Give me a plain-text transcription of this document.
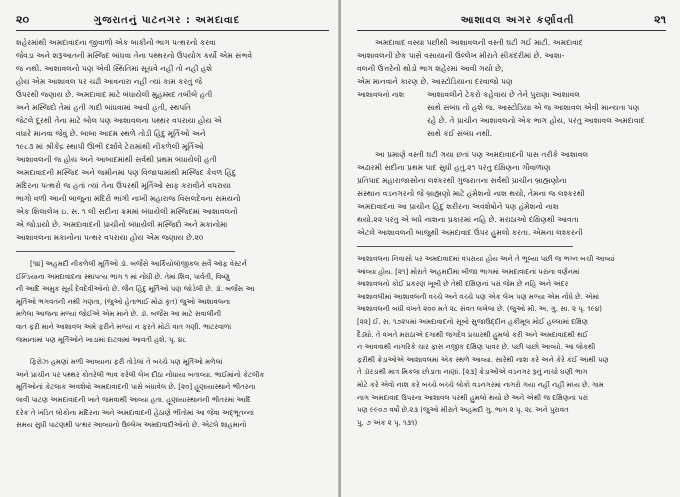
૨૦	ગુજરાતનું પાટનગર : અમદાવાદ
શહેરમાંથી અમદાવાદના જીવાળો એક બાકીનો ભાગ પત્થરનો કરવા
જેવડા અને શરૂઆતની મસ્જિદ બાંધવા તેના પથ્થરનો ઉપયોગ કર્યો એમ સંભવે
જ નથી. આશાવલનો પણ એવી સ્થિતિમાં સૂચવે નહીં તો નહીં હશે
હોય એમ આશાવલ પર ચઢી આવનારા નહીં ત્યાં કામ કરતું જે
ઉપરથી જણાય છે. અમદાવાદ માટે બંધાયેલી મુહમ્મદ તબીબે હતી
અને મસ્જિદો તેમાં હતી ગાદી બાંધવામાં આવી હતી, સ્થપતિ
જેટલે દૂરથી તેના માટે બોલ પણ આશાવલના પથ્થર વપરાયા હોય એ
વધારે માનવા જેવું છે. બાબા આદમ સ્થળે તોડી હિંદુ મૂર્તિઓ અને
૧૯૮૩ માં શ્રીકેંદ્ર સ્થાપી ઊભી દર્શાવે ટેરામાંથી નીકળેલી મૂર્તિઓ
આશાવલની જ હોય અને આબાદમાંથી સર્વથી પ્રથમ બંધાયેલી હતી
અમદાવાદની મસ્જિદ અને જમીનમાં પણ વિજાપામાંથી મસ્જિદ કેવળ હિંદુ
મંદિરના પત્થરો જ હતાં ત્યાં તેના ઉપરથી મૂર્તિઓ સાફ કરાવીને વપરાયા
ભાગો વળી આની બાજુના મંદિરો ભાંગી નાખી મહારાજ વિસલદેવના સમયનો
એક શિલાલેખ ઇ. સ. ૧ લી સદીના ક્રમમાં બંધાયેલી મસ્જિદમાં આશાવલનો
એ જોડાયો છે. અમદાવાદની પ્રાચીનો બંધાયેલી મસ્જિદો અને મકાનોમાં
આશાવલના મકાનોના પત્થર વપરાયા હોય એમ જણાય છે.૨૦
[૧૪] અહમદી નીકળેલી મૂર્તિઓ ડૉ. બર્જેસે આર્કિયોલૉજીકલ સર્વે ઑફ વેસ્ટર્ન
ઈન્ડિયાના અમદાવાદના સ્થાપત્ય ભાગ ૧ માં નોંધી છે. તેમાં શિવ, પાર્વતી, વિષ્ણુ
ની આદિ અમુક સૂર્ય દેવદેવીઓનો છે. જૈન હિંદુ મૂર્તિઓ પણ જોડેલી છે. ડૉ. બર્જેસ આ
મૂર્તિઓ ભગવતની નથી ગણતા, (જુઓ હેતાભાઈ મોઢા કૃત) જુઓ આશાવલના
મળેલા આજના મળ્યાં જોઈએ એમ માને છે. ડૉ. બર્જેસ આ માટે સવાલીની
વાત ફરી માને આશાવલ અમે ફરીને મળ્યાં ન ફરતે મોટો વાત ગણી. ભાટરવાળાં
જમાનામાં પણ મૂર્તિઓને ખાડામાં દાટવામાં આવતી હશે. પૃ. ૪૮
ફિરોઝ હમણાં મળી આવ્યાના ફરી તોડેલાં તે બચ્ચે પણ મૂર્તિઓ મળેલાં
અને પ્રાચીન પર પથ્થર કોતરેલી ભાવ કરેલી લેખ દીઠા નોંધાયા બતાવ્યા. ભાઈમાંનો કેટલીક
મૂર્તિઓનાં કેટલાક અવશેષો અમદાવાદની પાસે બંધાવેલ છે. [૨૦] હૂણાયાસ્થાને ભીતરના
લાવી પાટણ અમદાવાદની ખાતે જમવાથી આવ્યા હતા. હૂણાયાસ્થાનની ભીતરમાં આદિ
દરેક તે ખંડિત લોકોના મંદિરના અને અમદાવાદની હેઠાણે ભીંતોમાં આ જેવા અદ્ભૂતન્નાં
સમય સુધી પાટણથી પત્થર આવ્યાનો ઉલ્લેખ અમદાવાદીઓનો છે. એટલે શાહમાનો
આશાવલ અગર કર્ણાવતી	૨૧
અમદાવાદ વસ્યા પછીથી આશાવલની વસ્તી ઘટી ગઈ માટી. અમદાવાદ
આશાવલની છેક પાસે વસાયાની ઉલ્લેખ મીરાતે સીકંદરીમાં છે. આશા-
વલની ઉત્તરેનો થોડો ભાગ શહેરમાં આવી ગયો છે,
એમ માનવાને કારણ છે. આસ્ટોડિયાના દરવાજો પણ
આશાવલનો નાશ	આશાવલીને ટેકરો કહેવાય છે તેને પુરાણા આશાવલ
સાથે સંબંધ તો હશે જ. આસ્ટોડિયા એ જ આશાવલ એવી માન્યતા પણ
રહે છે. તે પ્રાચીન આશાવલનો એક ભાગ હોય, પરંતુ આશાવલ અમદાવાદ
સાથે કંઈ સંબંધ નથી.
આ પ્રમાણે વસ્તી ઘટી ગયા છતાં પણ અમદાવાદની પાસ તરીકે આશાવલ
અઢારમી સદીના પ્રથમ પાદ સુધી હતું.૨૧ પરંતુ દક્ષિણના ગૌવાળાણ
પ્રતિપાદ મહારાજાસોના લશ્કરથી ગુજરાતના સર્વથી પ્રાચીન બ્રાહ્મણોના
સંસ્થાન વડનગરનો જે બ્રાહ્મણો માટે હંમેશનો નાશ થયો, તેમના જ લશ્કરથી
અમદાવાદના આ પ્રાચીન હિંદુ શરીરના અવશેષોને પણ હંમેશનો નાશ
થયો.૨૨ પરંતુ એ બધે નાશના પ્રકારમાં નહિ છે. મરાઠાઓ દક્ષિણથી આવતા
એટલે આશાવલની બાજુથી અમદાવાદ ઉપર હુમલો કરતા. એમના લશ્કરની
આશાવલના નિવાસો પર અમદાવાદમાં વપરાયા હોય અને તે ભૂલ્યા પછી જ ભગ્ન બચી આવ્યાં
આવ્યા હોય. [૨૧] મોરાતે અહમદીમાં બીજા ભાગમાં અમદાવાદનાં પરાંના વર્ણનમાં
આશાવલનો કોઈ પ્રકરણ ખૂબી છે તેથી દક્ષિણનાં પરાં જેમ છે નહિ અને અંદર
આશાવલીમાં આશાવલની વચ્ચે અને વચ્ચે પણ એક લેખ પણ મળ્યા એમ નોંધે છે. એમાં
આશાવલની બધી વખતે ૨૦૦ મતે ૨૮ સંવત લખેલા છે. (જુઓ મી. અ. ગુ. સા. ૨ પૃ. ૧૯૪)
[૨૨] ઈ. સ. ૧૭૨૫માં અમદાવાદનો સૂબો સુજાઉદ્દીન હકીમૂલ મોઈ હલ્લામાં દક્ષિણ
દૈડ્યો. તે વખતે મરાઠાએ દગાથી જગદેવ પ્રચારથી હુમલો કરી અને અમદાવાદથી થઈ
ન આવવાથી નાગરિકે ચાર ફાસ નજીક દક્ષિણ પાવર છે. પછી પાછો આવ્યો. આ લોકથી
ફરીથી ક્રેડાઓએ આશાવલમાં એક સ્થળે આવ્યા. સારેથી નાશ કરે અને કેરે કંઈ આથી પણ
તે ડૉરડાથી માત્ર મિકલા છોડાતા નાણાં. [૨૩] ક્રેડાઓંએ વડનગર રૂનું નાચો ઘણી ભાગ
મોટે કરે એવો નાશ કરે બચ્ચે બચ્ચે લોકો વડનગરમાં નાગરો ગયા નહીં નહીં મધ્ય છે. ગામ
નાગ અમદાવાદ ઉપરના આશાવલ પરથી હુમલો થયો છે અને એથી જ દક્ષિણનાં પરાં
પણ ૯૯૦૭ વર્ષો છે.૨૩ (જુઓ મીરાતે અહમદી ગુ. ભાગ ૨ પૃ. ૨૮ અને પુરાવત
પુ. ૭ અંક ૨ પૃ. ૧૩૧)
